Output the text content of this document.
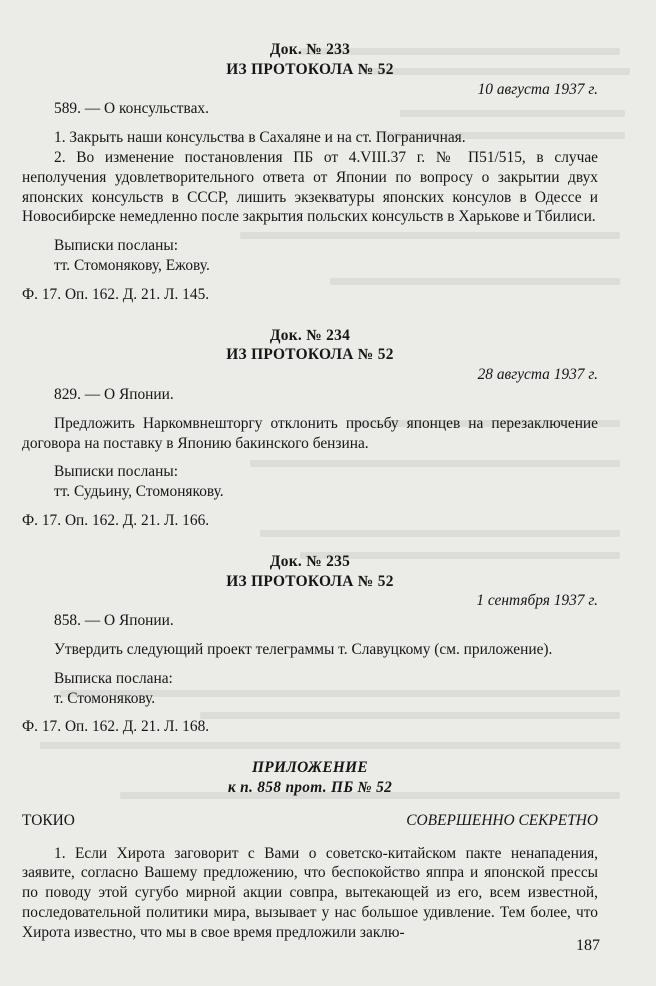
Док. № 233

ИЗ ПРОТОКОЛА № 52

10 августа 1937 г.

589. — О консульствах.

1. Закрыть наши консульства в Сахаляне и на ст. Пограничная.

2. Во изменение постановления ПБ от 4.VIII.37 г. № П51/515, в случае неполучения удовлетворительного ответа от Японии по вопросу о закрытии двух японских консульств в СССР, лишить экзекватуры японских консулов в Одессе и Новосибирске немедленно после закрытия польских консульств в Харькове и Тбилиси.

Выписки посланы:

тт. Стомонякову, Ежову.

Ф. 17. Оп. 162. Д. 21. Л. 145.

Док. № 234

ИЗ ПРОТОКОЛА № 52

28 августа 1937 г.

829. — О Японии.

Предложить Наркомвнешторгу отклонить просьбу японцев на перезаключение договора на поставку в Японию бакинского бензина.

Выписки посланы:

тт. Судьину, Стомонякову.

Ф. 17. Оп. 162. Д. 21. Л. 166.

Док. № 235

ИЗ ПРОТОКОЛА № 52

1 сентября 1937 г.

858. — О Японии.

Утвердить следующий проект телеграммы т. Славуцкому (см. приложение).

Выписка послана:

т. Стомонякову.

Ф. 17. Оп. 162. Д. 21. Л. 168.

ПРИЛОЖЕНИЕ

к п. 858 прот. ПБ № 52

ТОКИО	СОВЕРШЕННО СЕКРЕТНО

1. Если Хирота заговорит с Вами о советско-китайском пакте ненападения, заявите, согласно Вашему предложению, что беспокойство яппра и японской прессы по поводу этой сугубо мирной акции совпра, вытекающей из его, всем известной, последовательной политики мира, вызывает у нас большое удивление. Тем более, что Хирота известно, что мы в свое время предложили заклю-

187
